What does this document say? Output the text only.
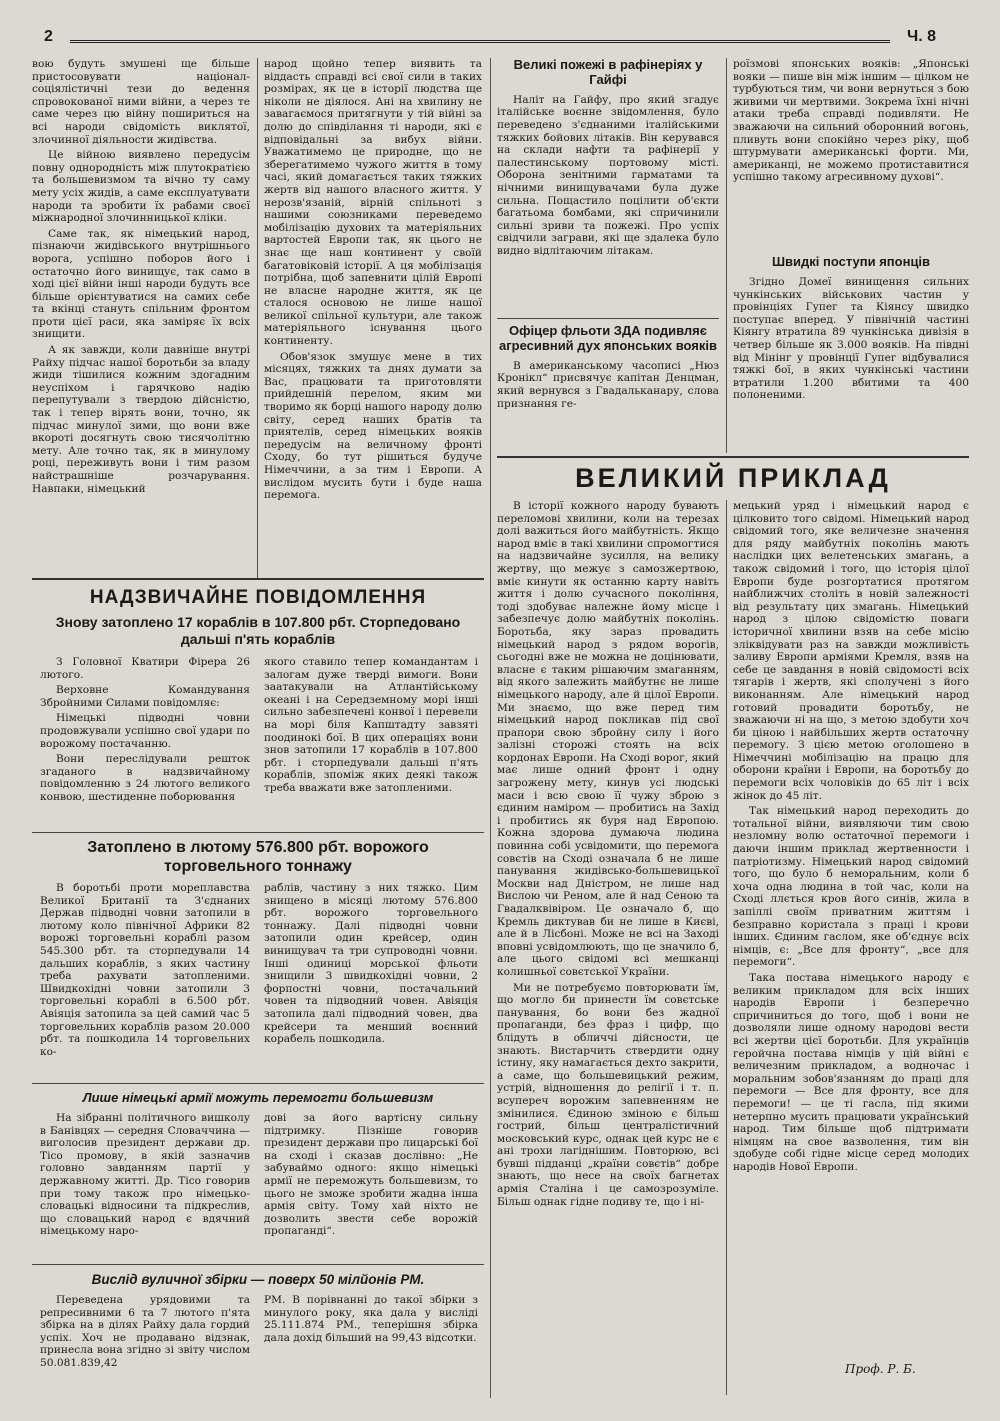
2	Ч. 8

вою будуть змушені ще більше пристосовувати націонал-соціялістичні тези до ведення спровокованої ними війни, а через те саме через цю війну пошириться на всі народи свідомість виклятої, злочинної діяльности жидівства.

Це війною виявлено передусім повну однородність між плутократією та большевизмом та вічно ту саму мету усіх жидів, а саме експлуатувати народи та зробити їх рабами своєї міжнародної злочинницької кліки.

Саме так, як німецький народ, пізнаючи жидівського внутрішнього ворога, успішно поборов його і остаточно його винищує, так само в ході цієї війни інші народи будуть все більше орієнтуватися на самих себе та вкінці стануть спільним фронтом проти цієї раси, яка заміряє їх всіх знищити.

А як завжди, коли давніше внутрі Райху підчас нашої боротьби за владу жиди тішилися кожним здогадним неуспіхом і гарячково надію перепутували з твердою дійсністю, так і тепер вірять вони, точно, як підчас минулої зими, що вони вже вкороті досягнуть свою тисячолітню мету. Але точно так, як в минулому році, переживуть вони і тим разом найстрашніше розчарування. Навпаки, німецький

народ щойно тепер виявить та віддасть справді всі свої сили в таких розмірах, як це в історії людства ще ніколи не діялося. Ані на хвилину не завагаємося притягнути у тій війні за долю до співділання ті народи, які є відповідальні за вибух війни. Уважатимемо це природне, що не зберегатимемо чужого життя в тому часі, який домагається таких тяжких жертв від нашого власного життя. У нерозв'язаній, вірній спільноті з нашими союзниками переведемо мобілізацію духових та матеріяльних вартостей Европи так, як цього не знає ще наш континент у своїй багатовіковій історії. А ця мобілізація потрібна, щоб запевнити цілій Европі не власне народне життя, як це сталося основою не лише нашої великої спільної культури, але також матеріяльного існування цього континенту.

Обов'язок змушує мене в тих місяцях, тяжких та днях думати за Вас, працювати та приготовляти прийдешній перелом, яким ми творимо як борці нашого народу долю світу, серед наших братів та приятелів, серед німецьких вояків передусім на величному фронті Сходу, бо тут рішиться будуче Німеччини, а за тим і Европи. А вислідом мусить бути і буде наша перемога.

Великі пожежі в рафінеріях у Гайфі

Наліт на Гайфу, про який згадує італійське воєнне звідомлення, було переведено з'єднаними італійськими тяжких бойових літаків. Він керувався на склади нафти та рафінерії у палестинському портовому місті. Оборона зенітними гарматами та нічними винищувачами була дуже сильна. Пощастило поцілити об'єкти багатьома бомбами, які спричинили сильні зриви та пожежі. Про успіх свідчили заграви, які ще здалека було видно відлітаючим літакам.

Офіцер фльоти ЗДА подивляє агресивний дух японських вояків

В американському часописі „Нюз Кронікл“ присвячує капітан Денцман, який вернувся з Гвадальканару, слова признання ге-

роїзмові японських вояків: „Японські вояки — пише він між іншим — цілком не турбуються тим, чи вони вернуться з бою живими чи мертвими. Зокрема їхні нічні атаки треба справді подивляти. Не зважаючи на сильний оборонний вогонь, пливуть вони спокійно через ріку, щоб штурмувати американські форти. Ми, американці, не можемо протиставитися успішно такому агресивному духові“.

Швидкі поступи японців

Згідно Домеї винищення сильних чункінських військових частин у провінціях Гупег та Кіянсу швидко поступає вперед. У північній частині Кіянгу втратила 89 чункінська дивізія в четвер більше як 3.000 вояків. На півдні від Мінінг у провінції Гупег відбувалися тяжкі бої, в яких чункінські частини втратили 1.200 вбитими та 400 полоненими.

НАДЗВИЧАЙНЕ ПОВІДОМЛЕННЯ
Знову затоплено 17 кораблів в 107.800 рбт. Сторпедовано дальші п'ять кораблів

З Головної Кватири Фірера 26 лютого.

Верховне Командування Збройними Силами повідомляє:

Німецькі підводні човни продовжували успішно свої удари по ворожому постачанню.

Вони переслідували решток згаданого в надзвичайному повідомленню з 24 лютого великого конвою, шестиденне поборювання

якого ставило тепер командантам і залогам дуже тверді вимоги. Вони заатакували на Атлантійському океані і на Середземному морі інші сильно забезпечені конвої і перевели на морі біля Капштадту завзяті поодинокі бої. В цих операціях вони знов затопили 17 кораблів в 107.800 рбт. і сторпедували дальші п'ять кораблів, зпоміж яких деякі також треба вважати вже затопленими.

Затоплено в лютому 576.800 рбт. ворожого торговельного тоннажу

В боротьбі проти мореплавства Великої Британії та З'єднаних Держав підводні човни затопили в лютому коло північної Африки 82 ворожі торговельні кораблі разом 545.300 рбт. та сторпедували 14 дальших кораблів, з яких частину треба рахувати затопленими. Швидкохідні човни затопили 3 торговельні кораблі в 6.500 рбт. Авіяція затопила за цей самий час 5 торговельних кораблів разом 20.000 рбт. та пошкодила 14 торговельних ко-

раблів, частину з них тяжко. Цим знищено в місяці лютому 576.800 рбт. ворожого торговельного тоннажу. Далі підводні човни затопили один крейсер, один винищувач та три супроводні човни. Інші одиниці морської фльоти знищили 3 швидкохідні човни, 2 форпостні човни, постачальний човен та підводний човен. Авіяція затопила далі підводний човен, два крейсери та менший воєнний корабель пошкодила.

Лише німецькі армії можуть перемогти большевизм

На зібранні політичного вишколу в Банівцях — середня Словаччина — виголосив президент держави др. Тісо промову, в якій зазначив головно завданням партії у державному житті. Др. Тісо говорив при тому також про німецько-словацькі відносини та підкреслив, що словацький народ є вдячний німецькому наро-

дові за його вартісну сильну підтримку. Пізніше говорив президент держави про лицарські бої на сході і сказав дослівно: „Не забуваймо одного: якщо німецькі армії не переможуть большевизм, то цього не зможе зробити жадна інша армія світу. Тому хай ніхто не дозволить звести себе ворожій пропаганді“.

Вислід вуличної збірки — поверх 50 мілйонів РМ.

Переведена урядовими та репресивними 6 та 7 лютого п'ята збірка на в ділях Райху дала гордий успіх. Хоч не продавано відзнак, принесла вона згідно зі звіту числом 50.081.839,42

РМ. В порівнанні до такої збірки з минулого року, яка дала у висліді 25.111.874 РМ., теперішня збірка дала дохід більший на 99,43 відсотки.

ВЕЛИКИЙ ПРИКЛАД

В історії кожного народу бувають переломові хвилини, коли на терезах долі важиться його майбутність. Якщо народ вміє в такі хвилини спромогтися на надзвичайне зусилля, на велику жертву, що межує з самозжертвою, вміє кинути як останню карту навіть життя і долю сучасного покоління, тоді здобуває належне йому місце і забезпечує долю майбутніх поколінь. Боротьба, яку зараз провадить німецький народ з рядом ворогів, сьогодні вже не можна не доцінювати, власне є таким рішаючим змаганням, від якого залежить майбутнє не лише німецького народу, але й цілої Европи. Ми знаємо, що вже перед тим німецький народ покликав під свої прапори свою збройну силу і його залізні сторожі стоять на всіх кордонах Европи. На Сході ворог, який має лише одний фронт і одну загрожену мету, кинув усі людські маси і всю свою її чужу зброю з єдиним наміром — пробитись на Захід і пробитись як буря над Европою. Кожна здорова думаюча людина повинна собі усвідомити, що перемога совєтів на Сході означала б не лише панування жидівсько-большевицької Москви над Дністром, не лише над Вислою чи Реном, але й над Сеною та Гвадалквівіром. Це означало б, що Кремль диктував би не лише в Києві, але й в Лісбоні. Може не всі на Заході вповні усвідомлюють, що це значило б, але цього свідомі всі мешканці колишньої совєтської України.

Ми не потребуємо повторювати їм, що могло би принести їм совєтське панування, бо вони без жадної пропаганди, без фраз і цифр, що блідуть в обличчі дійсности, це знають. Вистарчить ствердити одну істину, яку намагається дехто закрити, а саме, що большевицький режим, устрій, відношення до релігії і т. п. всупереч ворожим запевненням не змінилися. Єдиною зміною є більш гострий, більш централістичний московський курс, однак цей курс не є ані трохи лагіднішим. Повторюю, всі бувші підданці „країни совєтів“ добре знають, що несе на своїх багнетах армія Сталіна і це самозрозуміле. Більш однак гідне подиву те, що і ні-

мецький уряд і німецький народ є цілковито того свідомі. Німецький народ свідомий того, яке величезне значення для ряду майбутніх поколінь мають наслідки цих велетенських змагань, а також свідомий і того, що історія цілої Европи буде розгортатися протягом найближчих століть в новій залежності від результату цих змагань. Німецький народ з цілою свідомістю поваги історичної хвилини взяв на себе місію зліквідувати раз на завжди можливість заливу Европи арміями Кремля, взяв на себе це завдання в новій свідомості всіх тягарів і жертв, які сполучені з його виконанням. Але німецький народ готовий провадити боротьбу, не зважаючи ні на що, з метою здобути хоч би ціною і найбільших жертв остаточну перемогу. З цією метою оголошено в Німеччині мобілізацію на працю для оборони країни і Европи, на боротьбу до перемоги всіх чоловіків до 65 літ і всіх жінок до 45 літ.

Так німецький народ переходить до тотальної війни, виявляючи тим свою незломну волю остаточної перемоги і даючи іншим приклад жертвенности і патріотизму. Німецький народ свідомий того, що було б неморальним, коли б хоча одна людина в той час, коли на Сході ллється кров його синів, жила в запіллі своїм приватним життям і безправно користала з праці і крови інших. Єдиним гаслом, яке об'єднує всіх німців, є: „Все для фронту“, „все для перемоги“.

Така постава німецького народу є великим прикладом для всіх інших народів Европи і безперечно спричиниться до того, щоб і вони не дозволяли лише одному народові вести всі жертви цієї боротьби. Для українців геройчна постава німців у цій війні є величезним прикладом, а водночас і моральним зобов'язанням до праці для перемоги — Все для фронту, все для перемоги! — це ті гасла, під якими нетерпно мусить працювати український народ. Тим більше щоб підтримати німцям на свое вазволення, тим він здобуде собі гідне місце серед молодих народів Нової Европи.

Проф. Р. Б.
